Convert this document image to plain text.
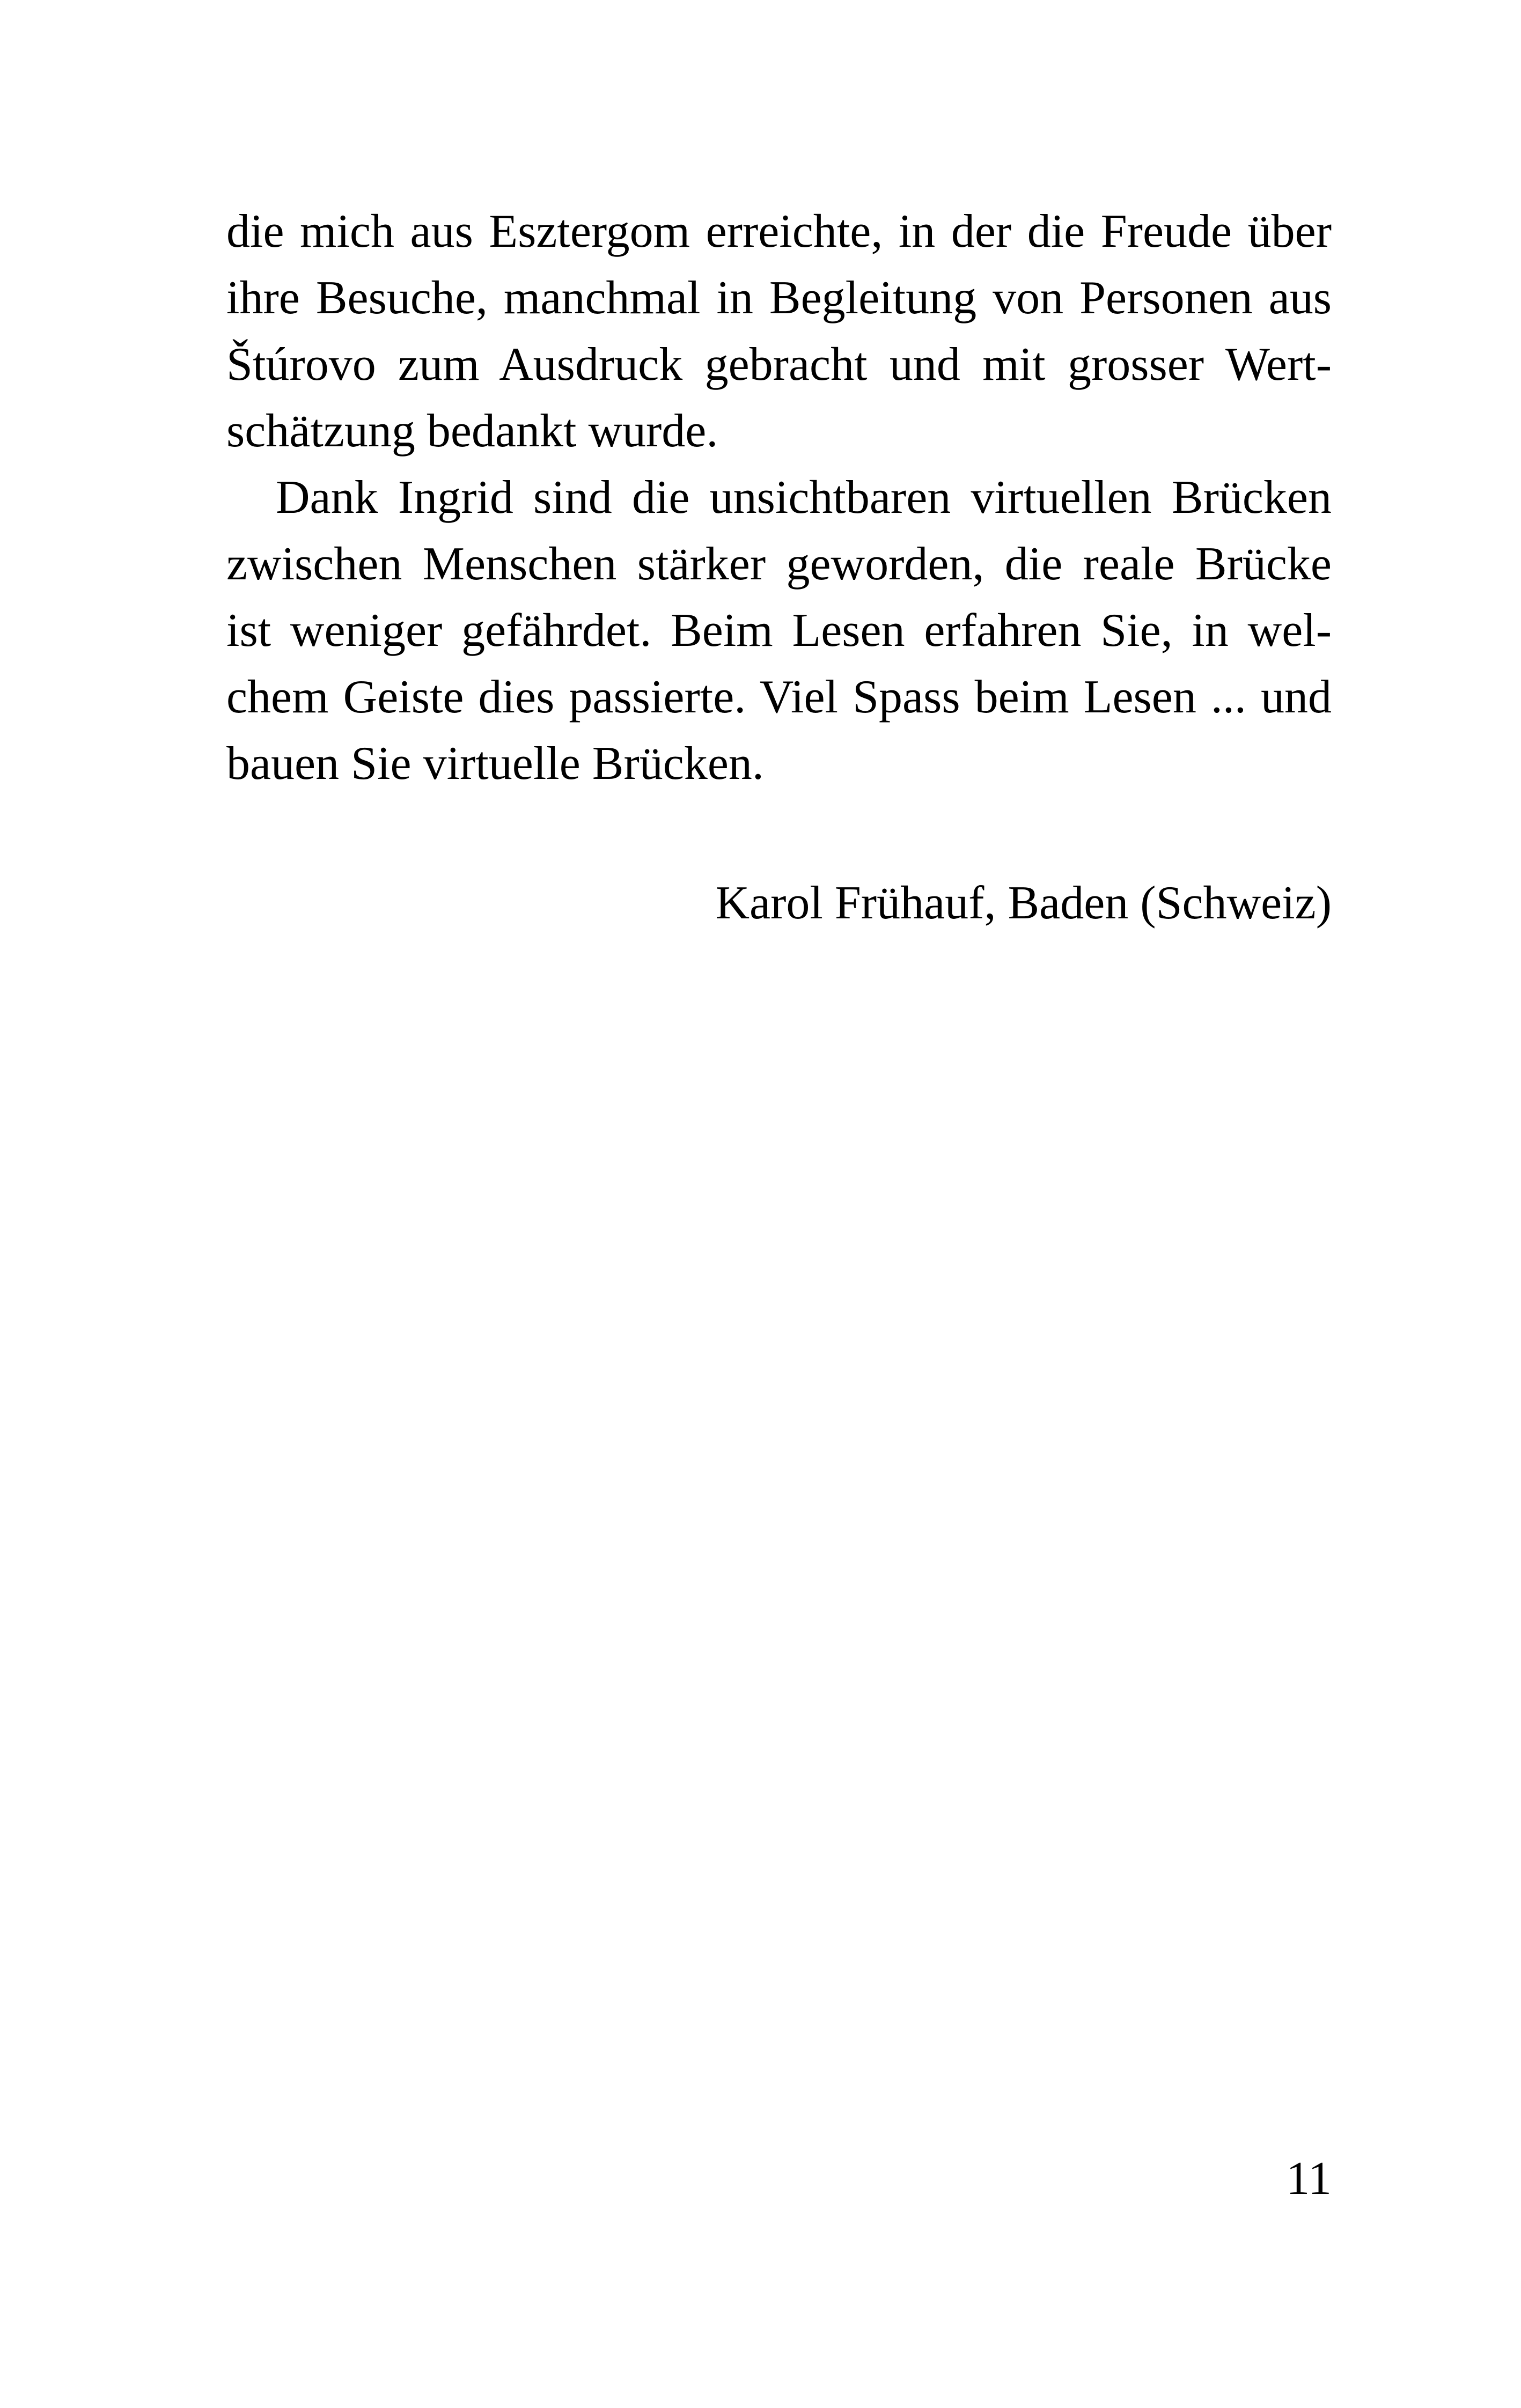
die mich aus Esztergom erreichte, in der die Freude über
ihre Besuche, manchmal in Begleitung von Personen aus
Štúrovo zum Ausdruck gebracht und mit grosser Wert-
schätzung bedankt wurde.
Dank Ingrid sind die unsichtbaren virtuellen Brücken
zwischen Menschen stärker geworden, die reale Brücke
ist weniger gefährdet. Beim Lesen erfahren Sie, in wel-
chem Geiste dies passierte. Viel Spass beim Lesen ... und
bauen Sie virtuelle Brücken.
Karol Frühauf, Baden (Schweiz)
11
